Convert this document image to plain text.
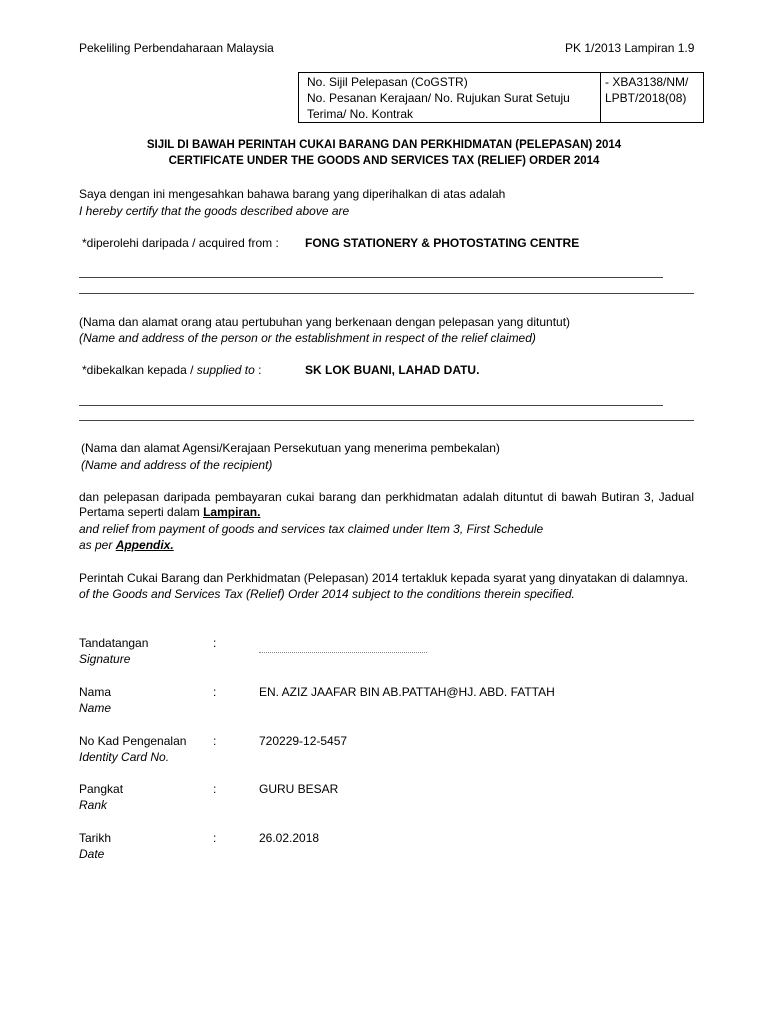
Pekeliling Perbendaharaan Malaysia	PK 1/2013 Lampiran 1.9
No. Sijil Pelepasan (CoGSTR)
No. Pesanan Kerajaan/ No. Rujukan Surat Setuju
Terima/ No. Kontrak
- XBA3138/NM/
LPBT/2018(08)
SIJIL DI BAWAH PERINTAH CUKAI BARANG DAN PERKHIDMATAN (PELEPASAN) 2014
CERTIFICATE UNDER THE GOODS AND SERVICES TAX (RELIEF) ORDER 2014
Saya dengan ini mengesahkan bahawa barang yang diperihalkan di atas adalah
I hereby certify that the goods described above are
*diperolehi daripada / acquired from : FONG STATIONERY & PHOTOSTATING CENTRE
(Nama dan alamat orang atau pertubuhan yang berkenaan dengan pelepasan yang dituntut)
(Name and address of the person or the establishment in respect of the relief claimed)
*dibekalkan kepada / supplied to :	SK LOK BUANI, LAHAD DATU.
(Nama dan alamat Agensi/Kerajaan Persekutuan yang menerima pembekalan)
(Name and address of the recipient)
dan pelepasan daripada pembayaran cukai barang dan perkhidmatan adalah dituntut di bawah Butiran 3, Jadual
Pertama seperti dalam Lampiran.
and relief from payment of goods and services tax claimed under Item 3, First Schedule
as per Appendix.
Perintah Cukai Barang dan Perkhidmatan (Pelepasan) 2014 tertakluk kepada syarat yang dinyatakan di dalamnya.
of the Goods and Services Tax (Relief) Order 2014 subject to the conditions therein specified.
Tandatangan
Signature
:
Nama
Name
:	EN. AZIZ JAAFAR BIN AB.PATTAH@HJ. ABD. FATTAH
No Kad Pengenalan
Identity Card No.
:	720229-12-5457
Pangkat
Rank
:	GURU BESAR
Tarikh
Date
:	26.02.2018
